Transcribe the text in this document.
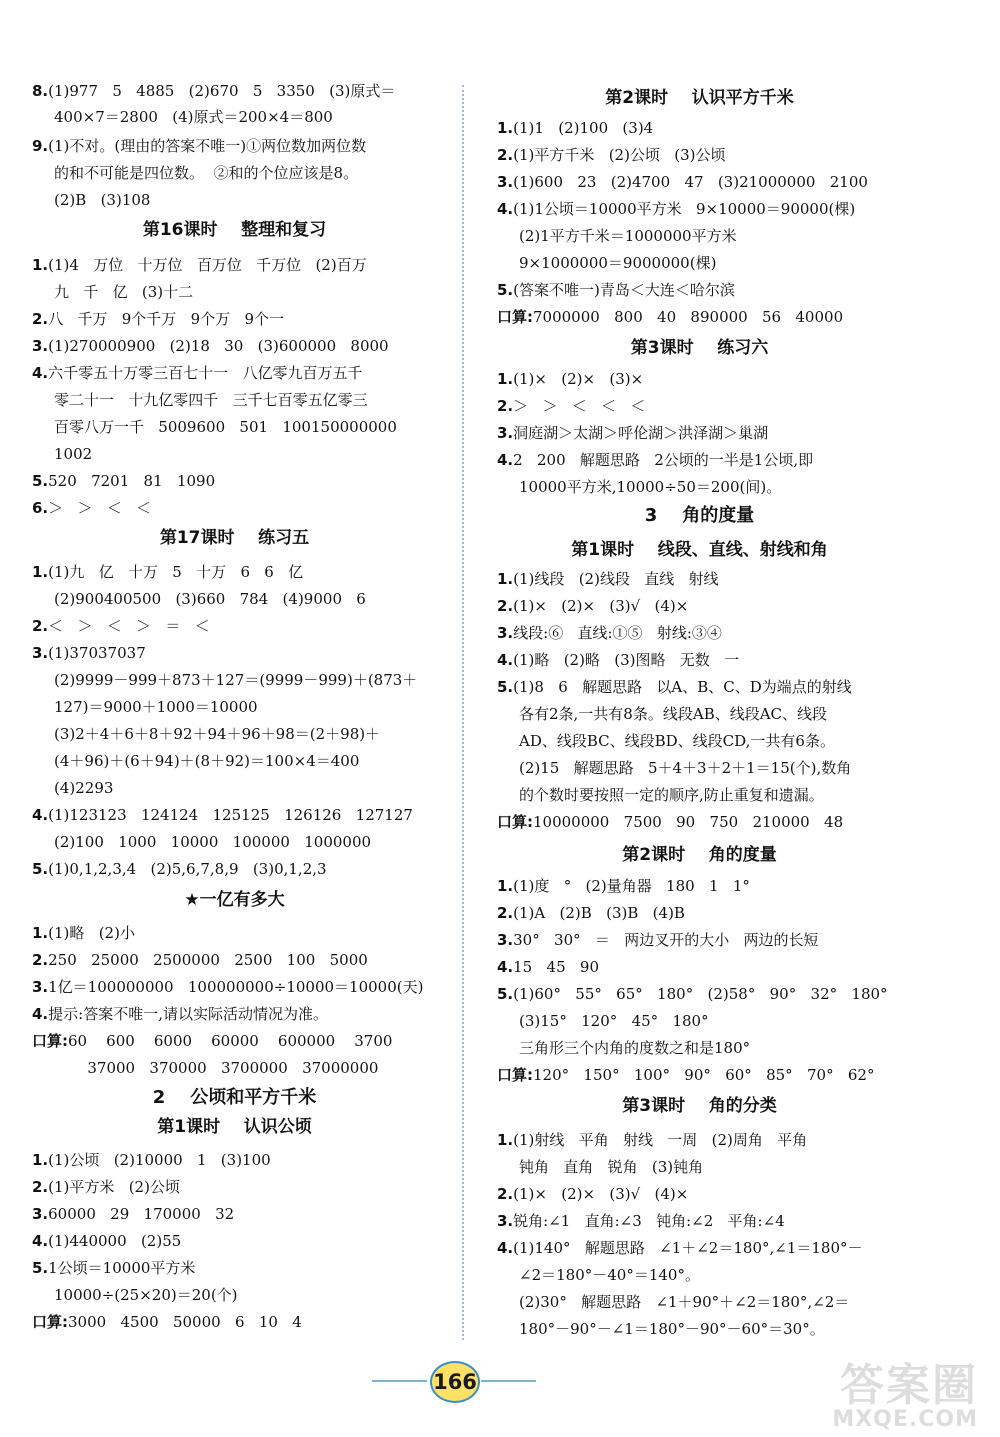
8.(1)977   5   4885   (2)670   5   3350   (3)原式＝
400×7＝2800   (4)原式＝200×4＝800
9.(1)不对。(理由的答案不唯一)①两位数加两位数
的和不可能是四位数。  ②和的个位应该是8。
(2)B   (3)108
第16课时    整理和复习
1.(1)4   万位   十万位   百万位   千万位   (2)百万
九   千   亿   (3)十二
2.八   千万   9个千万   9个万   9个一
3.(1)270000900   (2)18   30   (3)600000   8000
4.六千零五十万零三百七十一   八亿零九百万五千
零二十一   十九亿零四千   三千七百零五亿零三
百零八万一千   5009600   501   100150000000
1002
5.520   7201   81   1090
6.＞   ＞   ＜   ＜
第17课时    练习五
1.(1)九   亿   十万   5   十万   6   6   亿
(2)900400500   (3)660   784   (4)9000   6
2.＜   ＞   ＜   ＞   ＝   ＜
3.(1)37037037
(2)9999－999＋873＋127＝(9999－999)＋(873＋
127)＝9000＋1000＝10000
(3)2＋4＋6＋8＋92＋94＋96＋98＝(2＋98)＋
(4＋96)＋(6＋94)＋(8＋92)＝100×4＝400
(4)2293
4.(1)123123   124124   125125   126126   127127
(2)100   1000   10000   100000   1000000
5.(1)0,1,2,3,4   (2)5,6,7,8,9   (3)0,1,2,3
★一亿有多大
1.(1)略   (2)小
2.250   25000   2500000   2500   100   5000
3.1亿＝100000000   100000000÷10000＝10000(天)
4.提示:答案不唯一,请以实际活动情况为准。
口算:60    600    6000    60000    600000    3700
37000   370000   3700000   37000000
2    公顷和平方千米
第1课时    认识公顷
1.(1)公顷   (2)10000   1   (3)100
2.(1)平方米   (2)公顷
3.60000   29   170000   32
4.(1)440000   (2)55
5.1公顷＝10000平方米
10000÷(25×20)＝20(个)
口算:3000   4500   50000   6   10   4
第2课时    认识平方千米
1.(1)1   (2)100   (3)4
2.(1)平方千米   (2)公顷   (3)公顷
3.(1)600   23   (2)4700   47   (3)21000000   2100
4.(1)1公顷＝10000平方米   9×10000＝90000(棵)
(2)1平方千米＝1000000平方米
9×1000000＝9000000(棵)
5.(答案不唯一)青岛＜大连＜哈尔滨
口算:7000000   800   40   890000   56   40000
第3课时    练习六
1.(1)×   (2)×   (3)×
2.＞   ＞   ＜   ＜   ＜
3.洞庭湖＞太湖＞呼伦湖＞洪泽湖＞巢湖
4.2   200   解题思路   2公顷的一半是1公顷,即
10000平方米,10000÷50＝200(间)。
3    角的度量
第1课时    线段、直线、射线和角
1.(1)线段   (2)线段   直线   射线
2.(1)×   (2)×   (3)√   (4)×
3.线段:⑥   直线:①⑤   射线:③④
4.(1)略   (2)略   (3)图略   无数   一
5.(1)8   6   解题思路   以A、B、C、D为端点的射线
各有2条,一共有8条。线段AB、线段AC、线段
AD、线段BC、线段BD、线段CD,一共有6条。
(2)15   解题思路   5＋4＋3＋2＋1＝15(个),数角
的个数时要按照一定的顺序,防止重复和遗漏。
口算:10000000   7500   90   750   210000   48
第2课时    角的度量
1.(1)度   °   (2)量角器   180   1   1°
2.(1)A   (2)B   (3)B   (4)B
3.30°   30°   ＝   两边叉开的大小   两边的长短
4.15   45   90
5.(1)60°   55°   65°   180°   (2)58°   90°   32°   180°
(3)15°   120°   45°   180°
三角形三个内角的度数之和是180°
口算:120°   150°   100°   90°   60°   85°   70°   62°
第3课时    角的分类
1.(1)射线   平角   射线   一周   (2)周角   平角
钝角   直角   锐角   (3)钝角
2.(1)×   (2)×   (3)√   (4)×
3.锐角:∠1   直角:∠3   钝角:∠2   平角:∠4
4.(1)140°   解题思路   ∠1＋∠2＝180°,∠1＝180°－
∠2＝180°－40°＝140°。
(2)30°   解题思路   ∠1＋90°＋∠2＝180°,∠2＝
180°－90°－∠1＝180°－90°－60°＝30°。
166	答案圈
MXQE.COM
